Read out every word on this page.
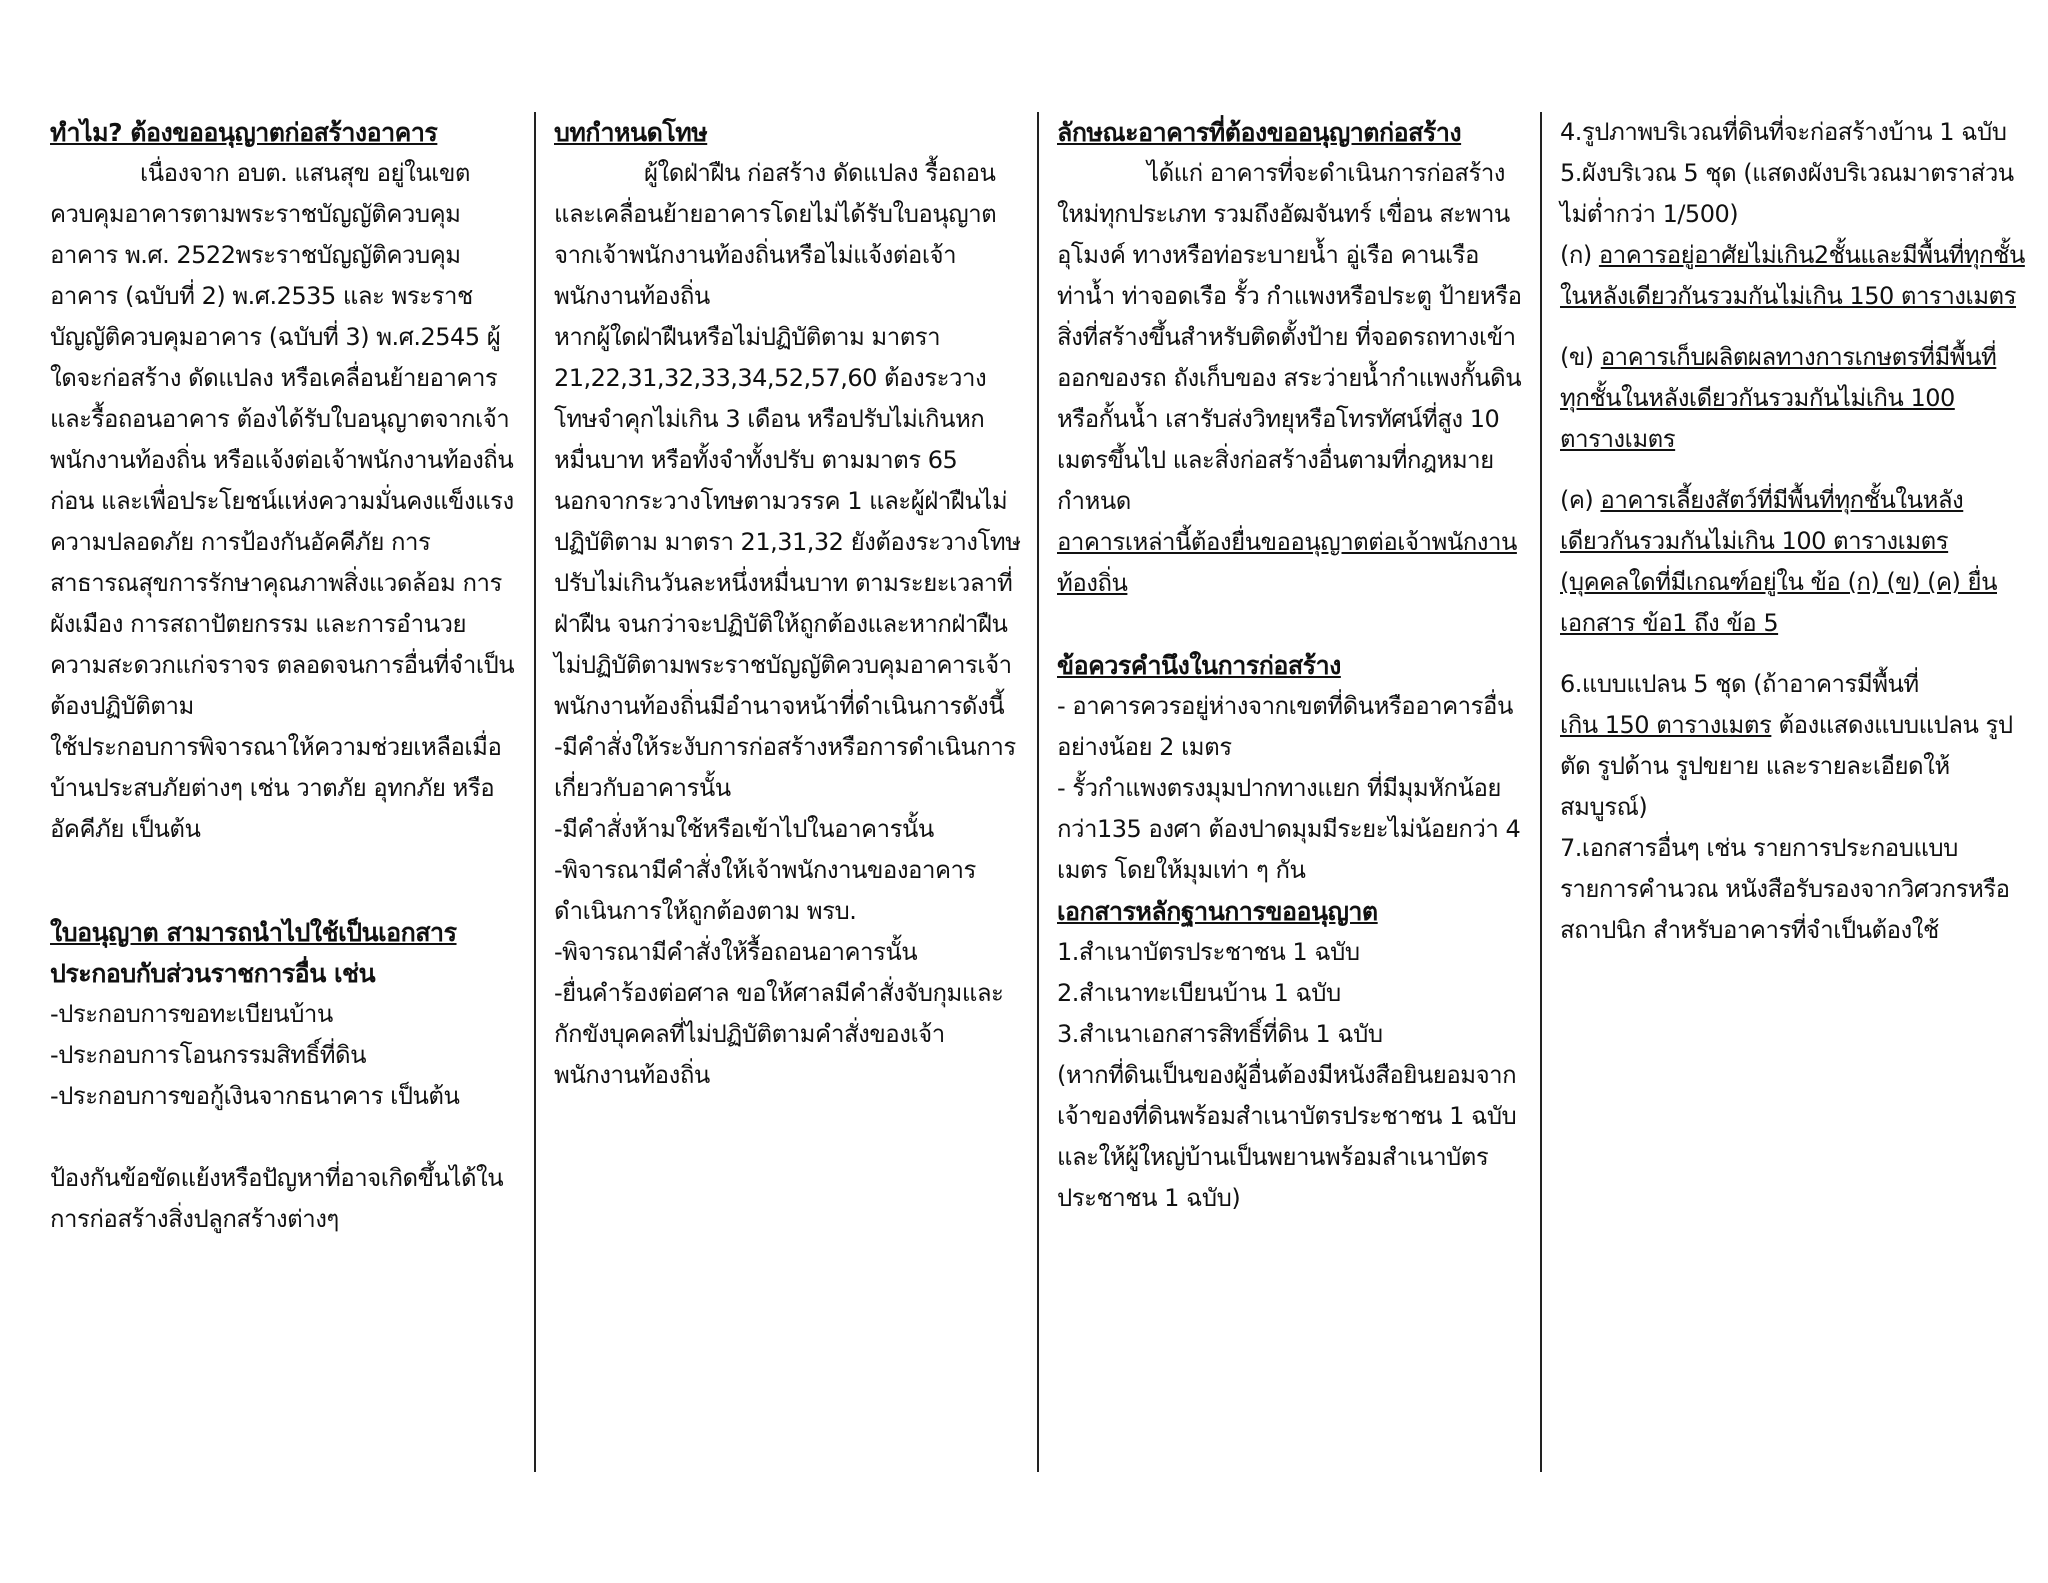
ทำไม? ต้องขออนุญาตก่อสร้างอาคาร

เนื่องจาก อบต. แสนสุข อยู่ในเขตควบคุมอาคารตามพระราชบัญญัติควบคุมอาคาร พ.ศ. 2522พระราชบัญญัติควบคุมอาคาร (ฉบับที่ 2) พ.ศ.2535 และ พระราชบัญญัติควบคุมอาคาร (ฉบับที่ 3) พ.ศ.2545 ผู้ใดจะก่อสร้าง ดัดแปลง หรือเคลื่อนย้ายอาคาร และรื้อถอนอาคาร ต้องได้รับใบอนุญาตจากเจ้าพนักงานท้องถิ่น หรือแจ้งต่อเจ้าพนักงานท้องถิ่นก่อน และเพื่อประโยชน์แห่งความมั่นคงแข็งแรง ความปลอดภัย การป้องกันอัคคีภัย การสาธารณสุขการรักษาคุณภาพสิ่งแวดล้อม การผังเมือง การสถาปัตยกรรม และการอำนวยความสะดวกแก่จราจร ตลอดจนการอื่นที่จำเป็นต้องปฏิบัติตาม

ใช้ประกอบการพิจารณาให้ความช่วยเหลือเมื่อบ้านประสบภัยต่างๆ เช่น วาตภัย อุทกภัย หรืออัคคีภัย เป็นต้น

ใบอนุญาต สามารถนำไปใช้เป็นเอกสาร

ประกอบกับส่วนราชการอื่น เช่น

-ประกอบการขอทะเบียนบ้าน

-ประกอบการโอนกรรมสิทธิ์ที่ดิน

-ประกอบการขอกู้เงินจากธนาคาร เป็นต้น

ป้องกันข้อขัดแย้งหรือปัญหาที่อาจเกิดขึ้นได้ในการก่อสร้างสิ่งปลูกสร้างต่างๆ

บทกำหนดโทษ

ผู้ใดฝ่าฝืน ก่อสร้าง ดัดแปลง รื้อถอน และเคลื่อนย้ายอาคารโดยไม่ได้รับใบอนุญาตจากเจ้าพนักงานท้องถิ่นหรือไม่แจ้งต่อเจ้าพนักงานท้องถิ่น

หากผู้ใดฝ่าฝืนหรือไม่ปฏิบัติตาม มาตรา 21,22,31,32,33,34,52,57,60 ต้องระวางโทษจำคุกไม่เกิน 3 เดือน หรือปรับไม่เกินหกหมื่นบาท หรือทั้งจำทั้งปรับ ตามมาตร 65 นอกจากระวางโทษตามวรรค 1 และผู้ฝ่าฝืนไม่ปฏิบัติตาม มาตรา 21,31,32 ยังต้องระวางโทษปรับไม่เกินวันละหนึ่งหมื่นบาท ตามระยะเวลาที่ฝ่าฝืน จนกว่าจะปฏิบัติให้ถูกต้องและหากฝ่าฝืนไม่ปฏิบัติตามพระราชบัญญัติควบคุมอาคารเจ้าพนักงานท้องถิ่นมีอำนาจหน้าที่ดำเนินการดังนี้

-มีคำสั่งให้ระงับการก่อสร้างหรือการดำเนินการเกี่ยวกับอาคารนั้น

-มีคำสั่งห้ามใช้หรือเข้าไปในอาคารนั้น

-พิจารณามีคำสั่งให้เจ้าพนักงานของอาคารดำเนินการให้ถูกต้องตาม พรบ.

-พิจารณามีคำสั่งให้รื้อถอนอาคารนั้น

-ยื่นคำร้องต่อศาล ขอให้ศาลมีคำสั่งจับกุมและกักขังบุคคลที่ไม่ปฏิบัติตามคำสั่งของเจ้าพนักงานท้องถิ่น

ลักษณะอาคารที่ต้องขออนุญาตก่อสร้าง

ได้แก่ อาคารที่จะดำเนินการก่อสร้างใหม่ทุกประเภท รวมถึงอัฒจันทร์ เขื่อน สะพาน อุโมงค์ ทางหรือท่อระบายน้ำ อู่เรือ คานเรือ ท่าน้ำ ท่าจอดเรือ รั้ว กำแพงหรือประตู ป้ายหรือสิ่งที่สร้างขึ้นสำหรับติดตั้งป้าย ที่จอดรถทางเข้าออกของรถ ถังเก็บของ สระว่ายน้ำกำแพงกั้นดินหรือกั้นน้ำ เสารับส่งวิทยุหรือโทรทัศน์ที่สูง 10 เมตรขึ้นไป และสิ่งก่อสร้างอื่นตามที่กฎหมายกำหนด

อาคารเหล่านี้ต้องยื่นขออนุญาตต่อเจ้าพนักงานท้องถิ่น

ข้อควรคำนึงในการก่อสร้าง

- อาคารควรอยู่ห่างจากเขตที่ดินหรืออาคารอื่นอย่างน้อย 2 เมตร

- รั้วกำแพงตรงมุมปากทางแยก ที่มีมุมหักน้อยกว่า135 องศา ต้องปาดมุมมีระยะไม่น้อยกว่า 4 เมตร โดยให้มุมเท่า ๆ กัน

เอกสารหลักฐานการขออนุญาต

1.สำเนาบัตรประชาชน 1 ฉบับ

2.สำเนาทะเบียนบ้าน 1 ฉบับ

3.สำเนาเอกสารสิทธิ์ที่ดิน 1 ฉบับ

(หากที่ดินเป็นของผู้อื่นต้องมีหนังสือยินยอมจากเจ้าของที่ดินพร้อมสำเนาบัตรประชาชน 1 ฉบับ และให้ผู้ใหญ่บ้านเป็นพยานพร้อมสำเนาบัตรประชาชน 1 ฉบับ)

4.รูปภาพบริเวณที่ดินที่จะก่อสร้างบ้าน 1 ฉบับ

5.ผังบริเวณ 5 ชุด (แสดงผังบริเวณมาตราส่วนไม่ต่ำกว่า 1/500)

(ก) อาคารอยู่อาศัยไม่เกิน2ชั้นและมีพื้นที่ทุกชั้นในหลังเดียวกันรวมกันไม่เกิน 150 ตารางเมตร

(ข) อาคารเก็บผลิตผลทางการเกษตรที่มีพื้นที่ทุกชั้นในหลังเดียวกันรวมกันไม่เกิน 100 ตารางเมตร

(ค) อาคารเลี้ยงสัตว์ที่มีพื้นที่ทุกชั้นในหลังเดียวกันรวมกันไม่เกิน 100 ตารางเมตร

(บุคคลใดที่มีเกณฑ์อยู่ใน ข้อ (ก) (ข) (ค) ยื่นเอกสาร ข้อ1 ถึง ข้อ 5

6.แบบแปลน 5 ชุด (ถ้าอาคารมีพื้นที่
เกิน 150 ตารางเมตร ต้องแสดงแบบแปลน รูปตัด รูปด้าน รูปขยาย และรายละเอียดให้สมบูรณ์)

7.เอกสารอื่นๆ เช่น รายการประกอบแบบ รายการคำนวณ หนังสือรับรองจากวิศวกรหรือสถาปนิก สำหรับอาคารที่จำเป็นต้องใช้
